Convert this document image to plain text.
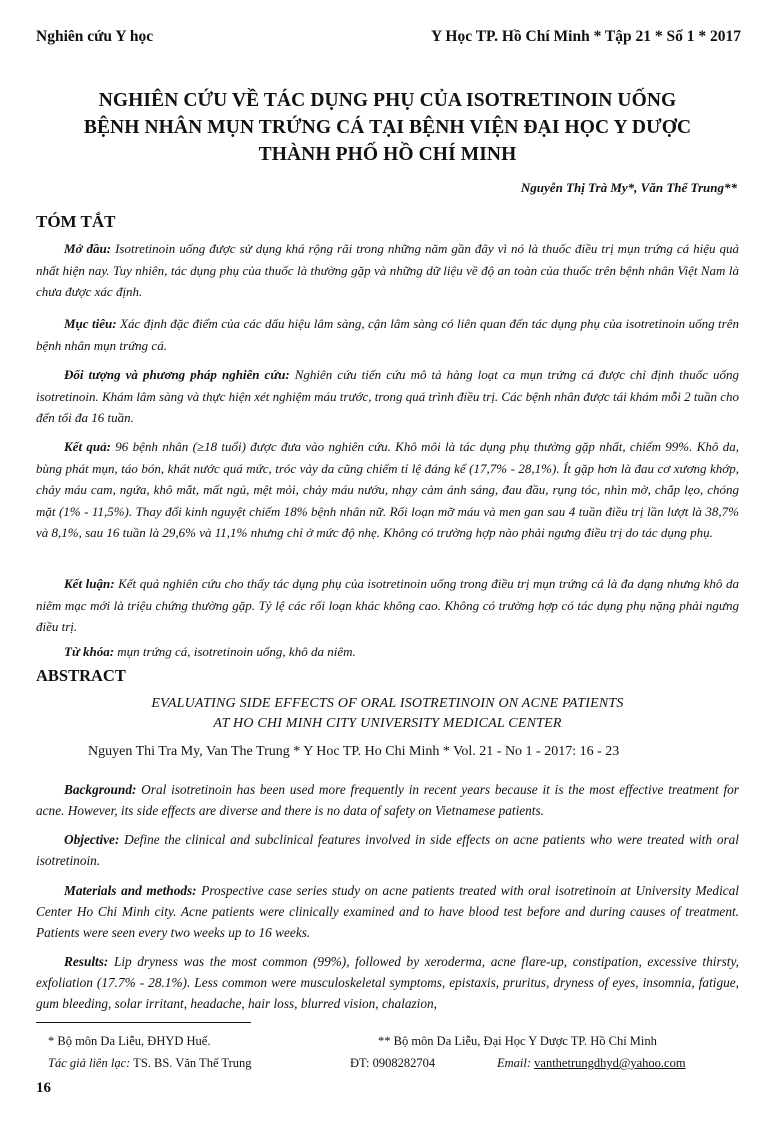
Nghiên cứu Y học	Y Học TP. Hồ Chí Minh * Tập 21 * Số 1 * 2017
NGHIÊN CỨU VỀ TÁC DỤNG PHỤ CỦA ISOTRETINOIN UỐNG
BỆNH NHÂN MỤN TRỨNG CÁ TẠI BỆNH VIỆN ĐẠI HỌC Y DƯỢC
THÀNH PHỐ HỒ CHÍ MINH
Nguyễn Thị Trà My*, Văn Thế Trung**
TÓM TẮT

Mở đầu: Isotretinoin uống được sử dụng khá rộng rãi trong những năm gần đây vì nó là thuốc điều trị mụn trứng cá hiệu quả nhất hiện nay. Tuy nhiên, tác dụng phụ của thuốc là thường gặp và những dữ liệu về độ an toàn của thuốc trên bệnh nhân Việt Nam là chưa được xác định.

Mục tiêu: Xác định đặc điểm của các dấu hiệu lâm sàng, cận lâm sàng có liên quan đến tác dụng phụ của isotretinoin uống trên bệnh nhân mụn trứng cá.

Đối tượng và phương pháp nghiên cứu: Nghiên cứu tiến cứu mô tả hàng loạt ca mụn trứng cá được chỉ định thuốc uống isotretinoin. Khám lâm sàng và thực hiện xét nghiệm máu trước, trong quá trình điều trị. Các bệnh nhân được tái khám mỗi 2 tuần cho đến tối đa 16 tuần.

Kết quả: 96 bệnh nhân (≥18 tuổi) được đưa vào nghiên cứu. Khô môi là tác dụng phụ thường gặp nhất, chiếm 99%. Khô da, bùng phát mụn, táo bón, khát nước quá mức, tróc vảy da cũng chiếm tỉ lệ đáng kể (17,7% - 28,1%). Ít gặp hơn là đau cơ xương khớp, chảy máu cam, ngứa, khô mắt, mất ngủ, mệt mỏi, chảy máu nướu, nhạy cảm ánh sáng, đau đầu, rụng tóc, nhìn mờ, chắp lẹo, chóng mặt (1% - 11,5%). Thay đổi kinh nguyệt chiếm 18% bệnh nhân nữ. Rối loạn mỡ máu và men gan sau 4 tuần điều trị lần lượt là 38,7% và 8,1%, sau 16 tuần là 29,6% và 11,1% nhưng chỉ ở mức độ nhẹ. Không có trường hợp nào phải ngưng điều trị do tác dụng phụ.

Kết luận: Kết quả nghiên cứu cho thấy tác dụng phụ của isotretinoin uống trong điều trị mụn trứng cá là đa dạng nhưng khô da niêm mạc mới là triệu chứng thường gặp. Tỷ lệ các rối loạn khác không cao. Không có trường hợp có tác dụng phụ nặng phải ngưng điều trị.

Từ khóa: mụn trứng cá, isotretinoin uống, khô da niêm.

ABSTRACT
EVALUATING SIDE EFFECTS OF ORAL ISOTRETINOIN ON ACNE PATIENTS
AT HO CHI MINH CITY UNIVERSITY MEDICAL CENTER
Nguyen Thi Tra My, Van The Trung * Y Hoc TP. Ho Chi Minh * Vol. 21 - No 1 - 2017: 16 - 23

Background: Oral isotretinoin has been used more frequently in recent years because it is the most effective treatment for acne. However, its side effects are diverse and there is no data of safety on Vietnamese patients.

Objective: Define the clinical and subclinical features involved in side effects on acne patients who were treated with oral isotretinoin.

Materials and methods: Prospective case series study on acne patients treated with oral isotretinoin at University Medical Center Ho Chi Minh city. Acne patients were clinically examined and to have blood test before and during causes of treatment. Patients were seen every two weeks up to 16 weeks.

Results: Lip dryness was the most common (99%), followed by xeroderma, acne flare-up, constipation, excessive thirsty, exfoliation (17.7% - 28.1%). Less common were musculoskeletal symptoms, epistaxis, pruritus, dryness of eyes, insomnia, fatigue, gum bleeding, solar irritant, headache, hair loss, blurred vision, chalazion,

* Bộ môn Da Liễu, ĐHYD Huế.	** Bộ môn Da Liễu, Đại Học Y Dược TP. Hồ Chí Minh
Tác giả liên lạc: TS. BS. Văn Thế Trung	ĐT: 0908282704	Email: vanthetrungdhyd@yahoo.com
16
